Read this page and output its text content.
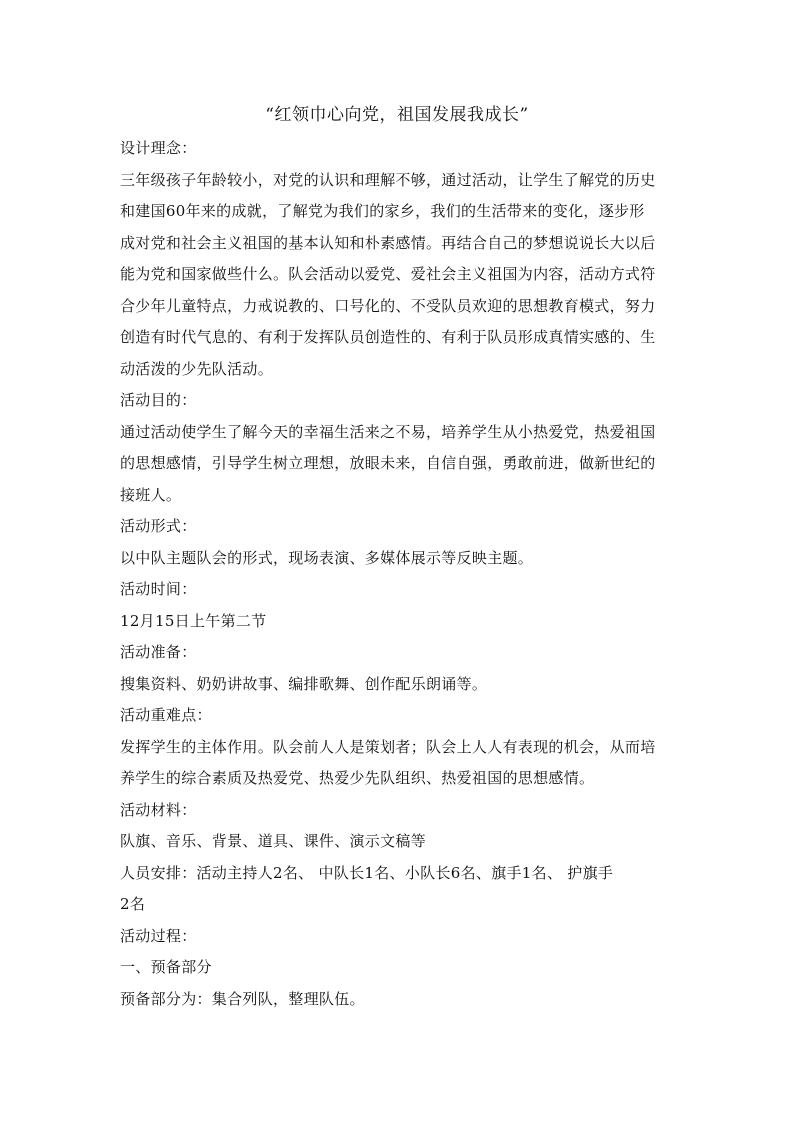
“红领巾心向党，祖国发展我成长”

设计理念：

三年级孩子年龄较小，对党的认识和理解不够，通过活动，让学生了解党的历史

和建国60年来的成就，了解党为我们的家乡，我们的生活带来的变化，逐步形

成对党和社会主义祖国的基本认知和朴素感情。再结合自己的梦想说说长大以后

能为党和国家做些什么。队会活动以爱党、爱社会主义祖国为内容，活动方式符

合少年儿童特点，力戒说教的、口号化的、不受队员欢迎的思想教育模式，努力

创造有时代气息的、有利于发挥队员创造性的、有利于队员形成真情实感的、生

动活泼的少先队活动。

活动目的：

通过活动使学生了解今天的幸福生活来之不易，培养学生从小热爱党，热爱祖国

的思想感情，引导学生树立理想，放眼未来，自信自强，勇敢前进，做新世纪的

接班人。

活动形式：

以中队主题队会的形式，现场表演、多媒体展示等反映主题。

活动时间：

12月15日上午第二节

活动准备：

搜集资料、奶奶讲故事、编排歌舞、创作配乐朗诵等。

活动重难点：

发挥学生的主体作用。队会前人人是策划者；队会上人人有表现的机会，从而培

养学生的综合素质及热爱党、热爱少先队组织、热爱祖国的思想感情。

活动材料：

队旗、音乐、背景、道具、课件、演示文稿等

人员安排：活动主持人2名、 中队长1名、小队长6名、旗手1名、 护旗手

2名

活动过程：

一、预备部分

预备部分为：集合列队，整理队伍。
